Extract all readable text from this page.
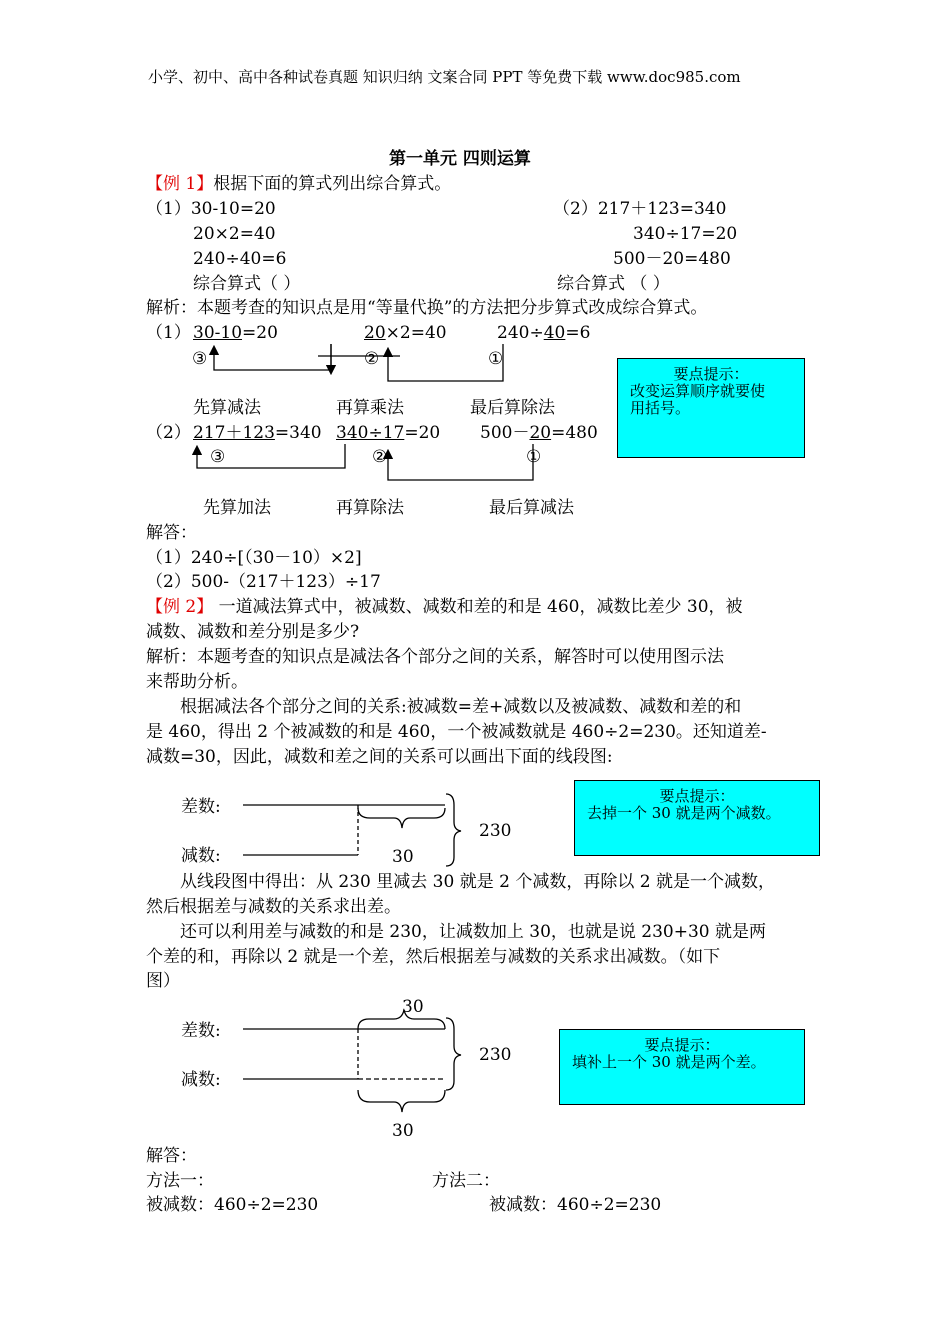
小学、初中、高中各种试卷真题 知识归纳 文案合同 PPT 等免费下载 www.doc985.com
第一单元 四则运算
【例 1】根据下面的算式列出综合算式。
（1）30-10=20
20×2=40
240÷40=6
综合算式（ ）
（2）217＋123=340
340÷17=20
500－20=480
综合算式 （ ）
解析：本题考查的知识点是用“等量代换”的方法把分步算式改成综合算式。
（1） 30-10=20	20×2=40	240÷40=6
③	②	①
先算减法	再算乘法	最后算除法
（2） 217＋123=340 340÷17=20 500－20=480
③	②	①
先算加法	再算除法	最后算减法
要点提示：
改变运算顺序就要使
用括号。
解答：
（1）240÷[（30－10）×2]
（2）500-（217＋123）÷17
【例 2】 一道减法算式中，被减数、减数和差的和是 460，减数比差少 30，被
减数、减数和差分别是多少?
解析：本题考查的知识点是减法各个部分之间的关系，解答时可以使用图示法
来帮助分析。
根据减法各个部分之间的关系:被减数=差+减数以及被减数、减数和差的和
是 460，得出 2 个被减数的和是 460，一个被减数就是 460÷2=230。还知道差-
减数=30，因此，减数和差之间的关系可以画出下面的线段图:
差数:
减数:
230
30
要点提示：
去掉一个 30 就是两个减数。
从线段图中得出：从 230 里减去 30 就是 2 个减数，再除以 2 就是一个减数，
然后根据差与减数的关系求出差。
还可以利用差与减数的和是 230，让减数加上 30，也就是说 230+30 就是两
个差的和，再除以 2 就是一个差，然后根据差与减数的关系求出减数。（如下
图）
30
差数:
230
减数:
30
要点提示：
填补上一个 30 就是两个差。
解答：
方法一：	方法二：
被减数：460÷2=230	被减数：460÷2=230
